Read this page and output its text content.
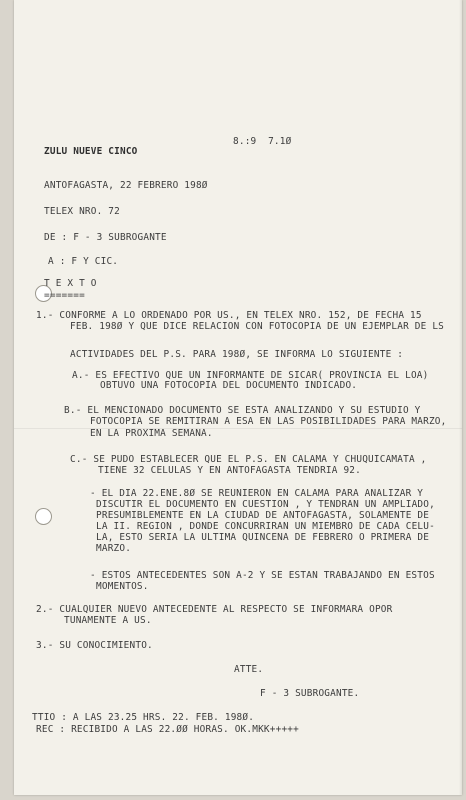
8.:9  7.1Ø
ZULU NUEVE CINCO
ANTOFAGASTA, 22 FEBRERO 198Ø
TELEX NRO. 72
DE : F - 3 SUBROGANTE
A : F Y CIC.
T E X T O
=======
1.- CONFORME A LO ORDENADO POR US., EN TELEX NRO. 152, DE FECHA 15
FEB. 198Ø Y QUE DICE RELACION CON FOTOCOPIA DE UN EJEMPLAR DE LS
ACTIVIDADES DEL P.S. PARA 198Ø, SE INFORMA LO SIGUIENTE :
A.- ES EFECTIVO QUE UN INFORMANTE DE SICAR( PROVINCIA EL LOA)
OBTUVO UNA FOTOCOPIA DEL DOCUMENTO INDICADO.
B.- EL MENCIONADO DOCUMENTO SE ESTA ANALIZANDO Y SU ESTUDIO Y
FOTOCOPIA SE REMITIRAN A ESA EN LAS POSIBILIDADES PARA MARZO,
EN LA PROXIMA SEMANA.
C.- SE PUDO ESTABLECER QUE EL P.S. EN CALAMA Y CHUQUICAMATA ,
TIENE 32 CELULAS Y EN ANTOFAGASTA TENDRIA 92.
- EL DIA 22.ENE.8Ø SE REUNIERON EN CALAMA PARA ANALIZAR Y
DISCUTIR EL DOCUMENTO EN CUESTION , Y TENDRAN UN AMPLIADO,
PRESUMIBLEMENTE EN LA CIUDAD DE ANTOFAGASTA, SOLAMENTE DE
LA II. REGION , DONDE CONCURRIRAN UN MIEMBRO DE CADA CELU-
LA, ESTO SERIA LA ULTIMA QUINCENA DE FEBRERO O PRIMERA DE
MARZO.
- ESTOS ANTECEDENTES SON A-2 Y SE ESTAN TRABAJANDO EN ESTOS
MOMENTOS.
2.- CUALQUIER NUEVO ANTECEDENTE AL RESPECTO SE INFORMARA OPOR
TUNAMENTE A US.
3.- SU CONOCIMIENTO.
ATTE.
F - 3 SUBROGANTE.
TTIO : A LAS 23.25 HRS. 22. FEB. 198Ø.
REC : RECIBIDO A LAS 22.ØØ HORAS. OK.MKK+++++
